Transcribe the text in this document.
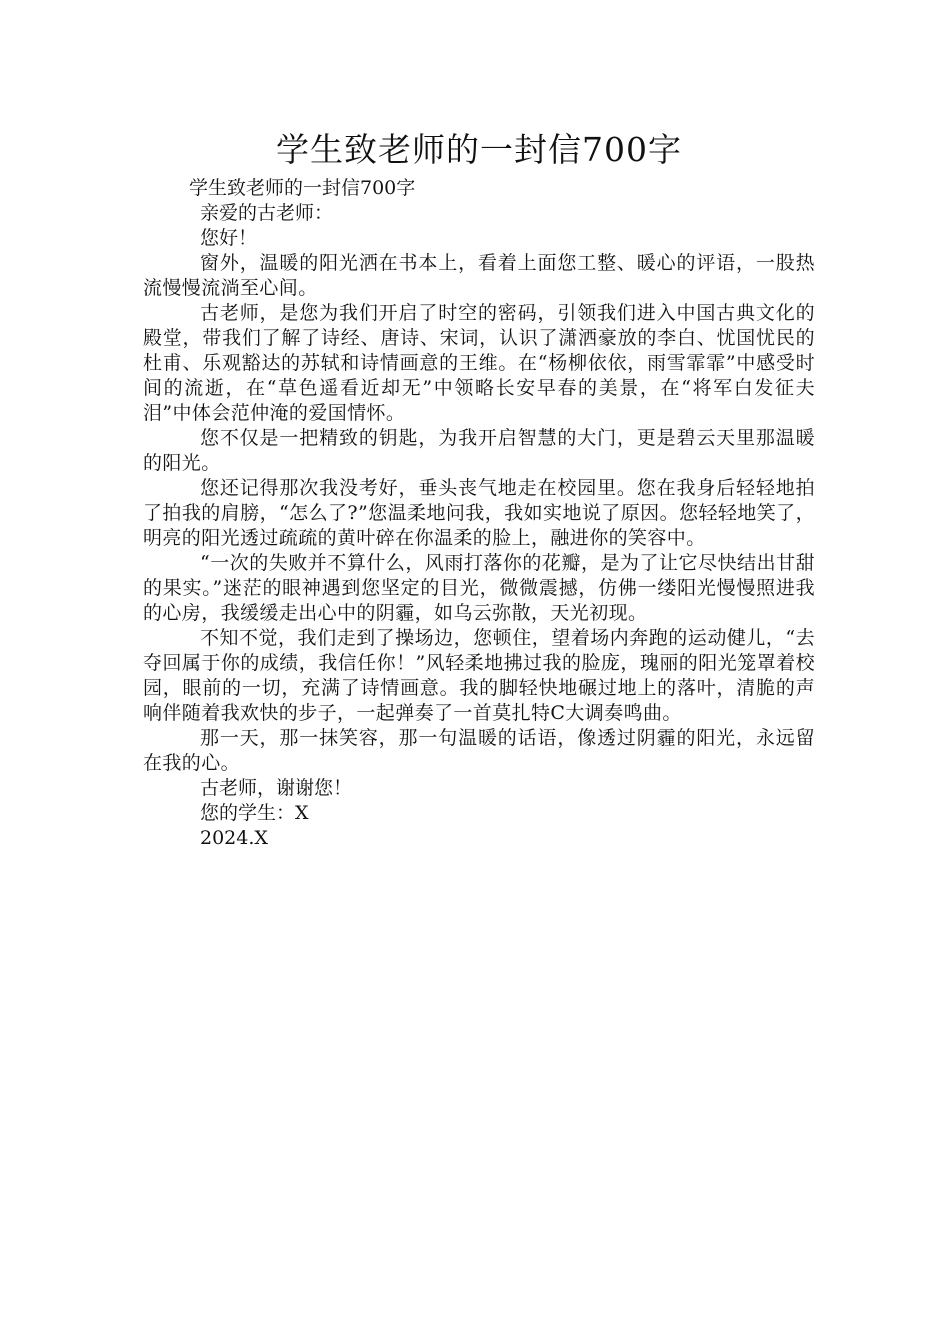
学生致老师的一封信700字

学生致老师的一封信700字

亲爱的古老师：

您好！

窗外，温暖的阳光洒在书本上，看着上面您工整、暖心的评语，一股热流慢慢流淌至心间。

古老师，是您为我们开启了时空的密码，引领我们进入中国古典文化的殿堂，带我们了解了诗经、唐诗、宋词，认识了潇洒豪放的李白、忧国忧民的杜甫、乐观豁达的苏轼和诗情画意的王维。在“杨柳依依，雨雪霏霏”中感受时间的流逝，在“草色遥看近却无”中领略长安早春的美景，在“将军白发征夫泪”中体会范仲淹的爱国情怀。

您不仅是一把精致的钥匙，为我开启智慧的大门，更是碧云天里那温暖的阳光。

您还记得那次我没考好，垂头丧气地走在校园里。您在我身后轻轻地拍了拍我的肩膀，“怎么了?”您温柔地问我，我如实地说了原因。您轻轻地笑了，明亮的阳光透过疏疏的黄叶碎在你温柔的脸上，融进你的笑容中。

“一次的失败并不算什么，风雨打落你的花瓣，是为了让它尽快结出甘甜的果实。”迷茫的眼神遇到您坚定的目光，微微震撼，仿佛一缕阳光慢慢照进我的心房，我缓缓走出心中的阴霾，如乌云弥散，天光初现。

不知不觉，我们走到了操场边，您顿住，望着场内奔跑的运动健儿，“去夺回属于你的成绩，我信任你！”风轻柔地拂过我的脸庞，瑰丽的阳光笼罩着校园，眼前的一切，充满了诗情画意。我的脚轻快地碾过地上的落叶，清脆的声响伴随着我欢快的步子，一起弹奏了一首莫扎特C大调奏鸣曲。

那一天，那一抹笑容，那一句温暖的话语，像透过阴霾的阳光，永远留在我的心。

古老师，谢谢您！

您的学生：X

2024.X
